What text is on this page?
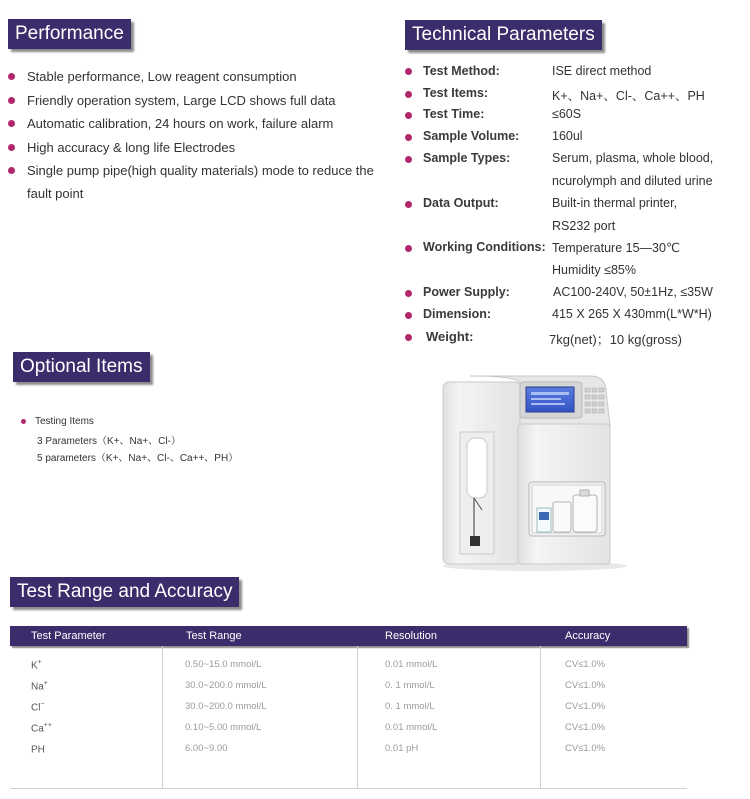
Performance
Stable performance, Low reagent consumption
Friendly operation system, Large LCD shows full data
Automatic calibration, 24 hours on work, failure alarm
High accuracy & long life Electrodes
Single pump pipe(high quality materials) mode to reduce the fault point
Technical Parameters
Test Method:	ISE direct method
Test Items:	K+、Na+、Cl-、Ca++、PH
Test Time:	≤60S
Sample Volume:	160ul
Sample Types:	Serum, plasma, whole blood,
ncurolymph and diluted urine
Data Output:	Built-in thermal printer,
RS232 port
Working Conditions: Temperature 15—30℃
Humidity ≤85%
Power Supply:	AC100-240V, 50±1Hz, ≤35W
Dimension:	415 X 265 X 430mm(L*W*H)
Weight:	7kg(net)；10 kg(gross)
Optional Items
Testing Items
3 Parameters（K+、Na+、Cl-）
5 parameters（K+、Na+、Cl-、Ca++、PH）
Test Range and Accuracy
Test Parameter	Test Range	Resolution	Accuracy
K+	0.50~15.0 mmol/L	0.01 mmol/L	CV≤1.0%
Na+	30.0~200.0 mmol/L	0. 1 mmol/L	CV≤1.0%
Cl−	30.0~200.0 mmol/L	0. 1 mmol/L	CV≤1.0%
Ca++	0.10~5.00 mmol/L	0.01 mmol/L	CV≤1.0%
PH	6.00~9.00	0.01 pH	CV≤1.0%
